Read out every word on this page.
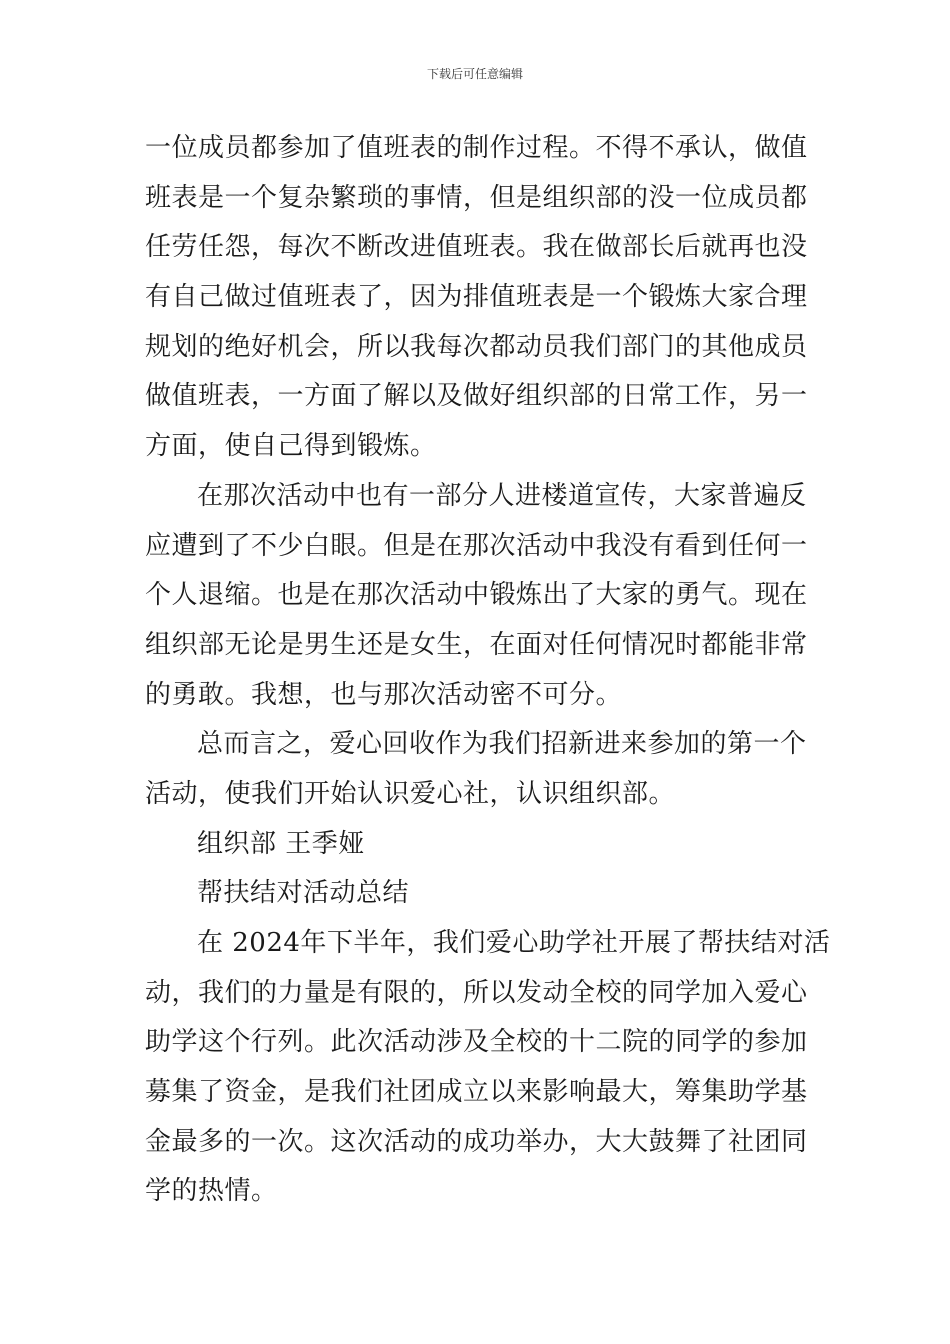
下载后可任意编辑
一位成员都参加了值班表的制作过程。不得不承认，做值
班表是一个复杂繁琐的事情，但是组织部的没一位成员都
任劳任怨，每次不断改进值班表。我在做部长后就再也没
有自己做过值班表了，因为排值班表是一个锻炼大家合理
规划的绝好机会，所以我每次都动员我们部门的其他成员
做值班表，一方面了解以及做好组织部的日常工作，另一
方面，使自己得到锻炼。
在那次活动中也有一部分人进楼道宣传，大家普遍反
应遭到了不少白眼。但是在那次活动中我没有看到任何一
个人退缩。也是在那次活动中锻炼出了大家的勇气。现在
组织部无论是男生还是女生，在面对任何情况时都能非常
的勇敢。我想，也与那次活动密不可分。
总而言之，爱心回收作为我们招新进来参加的第一个
活动，使我们开始认识爱心社，认识组织部。
组织部 王季娅
帮扶结对活动总结
在 2024年下半年，我们爱心助学社开展了帮扶结对活
动，我们的力量是有限的，所以发动全校的同学加入爱心
助学这个行列。此次活动涉及全校的十二院的同学的参加
募集了资金，是我们社团成立以来影响最大，筹集助学基
金最多的一次。这次活动的成功举办，大大鼓舞了社团同
学的热情。
